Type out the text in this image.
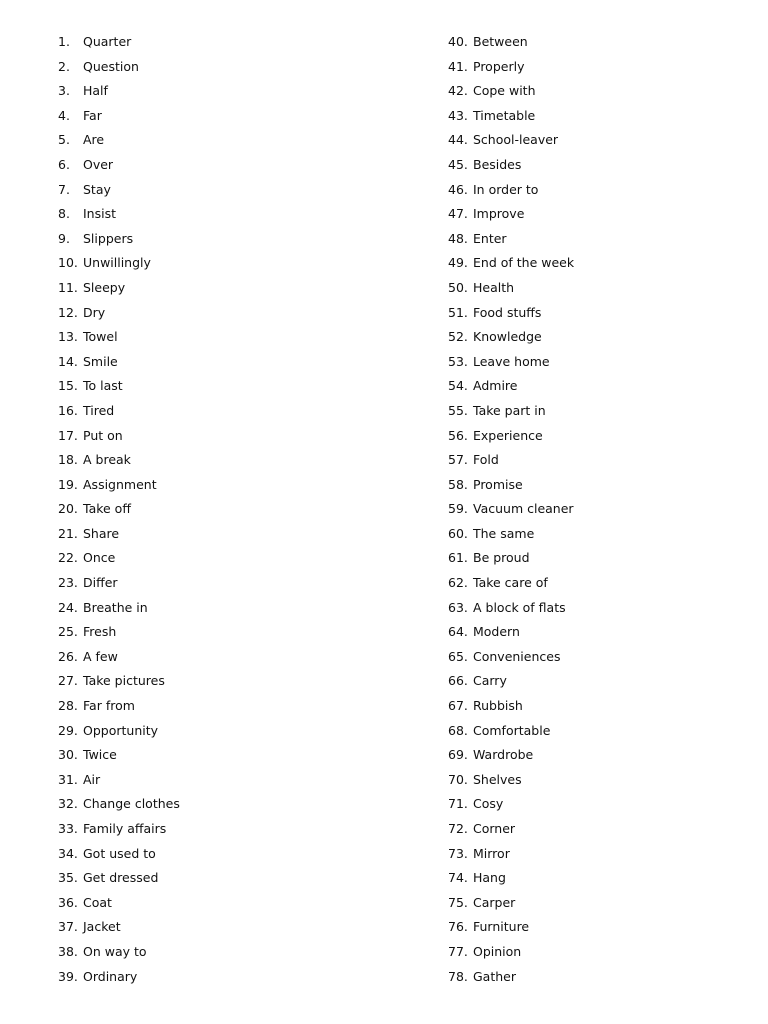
1. Quarter
2. Question
3. Half
4. Far
5. Are
6. Over
7. Stay
8. Insist
9. Slippers
10. Unwillingly
11. Sleepy
12. Dry
13. Towel
14. Smile
15. To last
16. Tired
17. Put on
18. A break
19. Assignment
20. Take off
21. Share
22. Once
23. Differ
24. Breathe in
25. Fresh
26. A few
27. Take pictures
28. Far from
29. Opportunity
30. Twice
31. Air
32. Change clothes
33. Family affairs
34. Got used to
35. Get dressed
36. Coat
37. Jacket
38. On way to
39. Ordinary
40. Between
41. Properly
42. Cope with
43. Timetable
44. School-leaver
45. Besides
46. In order to
47. Improve
48. Enter
49. End of the week
50. Health
51. Food stuffs
52. Knowledge
53. Leave home
54. Admire
55. Take part in
56. Experience
57. Fold
58. Promise
59. Vacuum cleaner
60. The same
61. Be proud
62. Take care of
63. A block of flats
64. Modern
65. Conveniences
66. Carry
67. Rubbish
68. Comfortable
69. Wardrobe
70. Shelves
71. Cosy
72. Corner
73. Mirror
74. Hang
75. Carper
76. Furniture
77. Opinion
78. Gather
